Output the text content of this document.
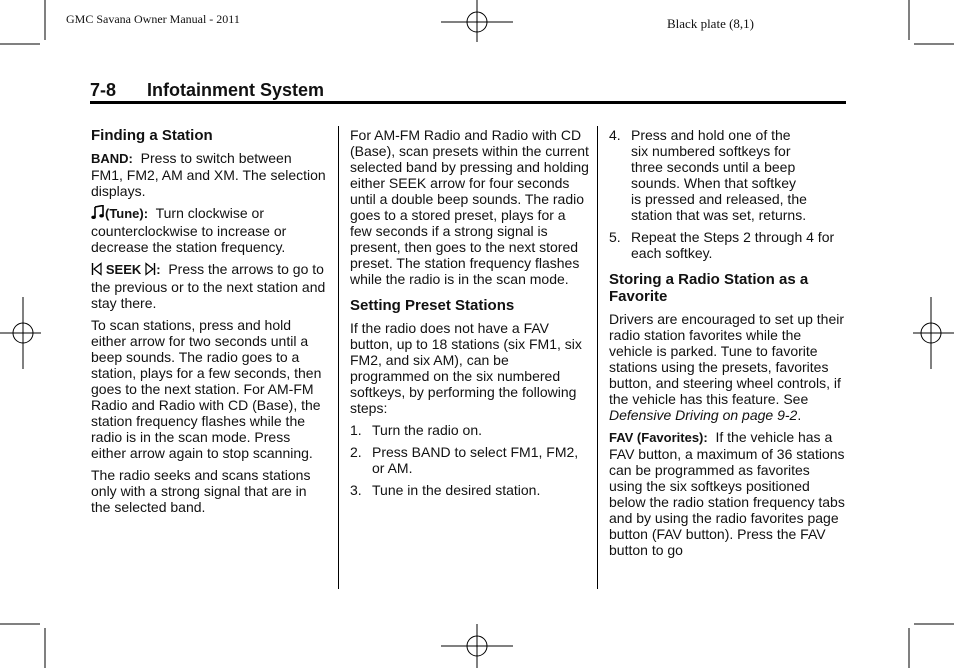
GMC Savana Owner Manual - 2011	Black plate (8,1)
7-8 Infotainment System
Finding a Station

BAND: Press to switch between FM1, FM2, AM and XM. The selection displays.

(Tune): Turn clockwise or counterclockwise to increase or decrease the station frequency.

SEEK : Press the arrows to go to the previous or to the next station and stay there.

To scan stations, press and hold either arrow for two seconds until a beep sounds. The radio goes to a station, plays for a few seconds, then goes to the next station. For AM-FM Radio and Radio with CD (Base), the station frequency flashes while the radio is in the scan mode. Press either arrow again to stop scanning.

The radio seeks and scans stations only with a strong signal that are in the selected band.

For AM-FM Radio and Radio with CD (Base), scan presets within the current selected band by pressing and holding either SEEK arrow for four seconds until a double beep sounds. The radio goes to a stored preset, plays for a few seconds if a strong signal is present, then goes to the next stored preset. The station frequency flashes while the radio is in the scan mode.

Setting Preset Stations

If the radio does not have a FAV button, up to 18 stations (six FM1, six FM2, and six AM), can be programmed on the six numbered softkeys, by performing the following steps:

1. Turn the radio on.
2. Press BAND to select FM1, FM2, or AM.
3. Tune in the desired station.
4. Press and hold one of the six numbered softkeys for three seconds until a beep sounds. When that softkey is pressed and released, the station that was set, returns.
5. Repeat the Steps 2 through 4 for each softkey.
Storing a Radio Station as a Favorite

Drivers are encouraged to set up their radio station favorites while the vehicle is parked. Tune to favorite stations using the presets, favorites button, and steering wheel controls, if the vehicle has this feature. See Defensive Driving on page 9-2.

FAV (Favorites): If the vehicle has a FAV button, a maximum of 36 stations can be programmed as favorites using the six softkeys positioned below the radio station frequency tabs and by using the radio favorites page button (FAV button). Press the FAV button to go
